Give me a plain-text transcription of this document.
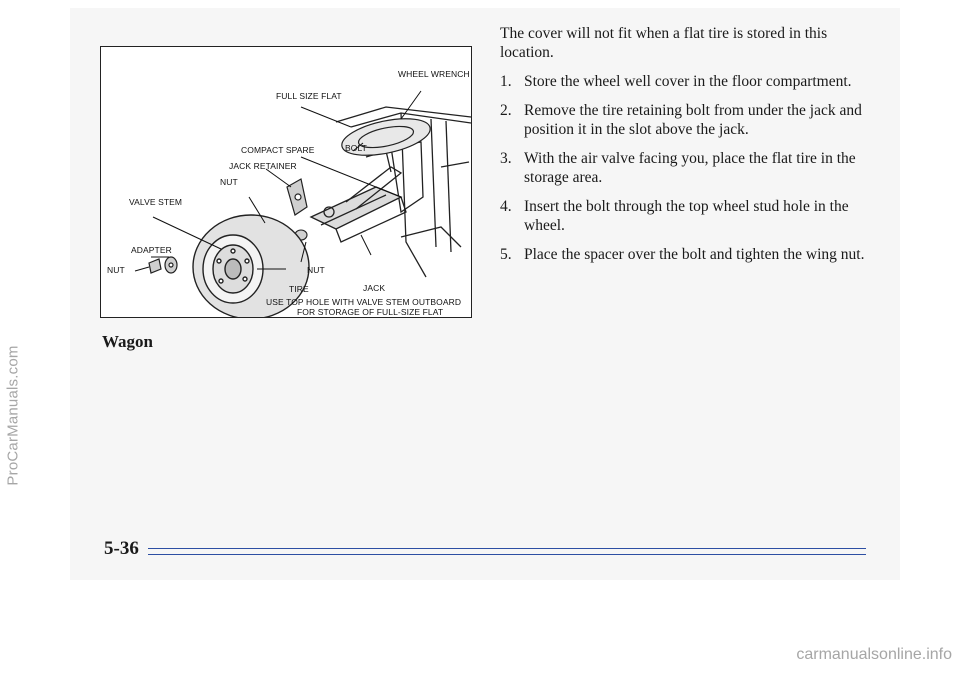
ProCarManuals.com
WHEEL WRENCH
FULL SIZE FLAT
COMPACT SPARE	BOLT
JACK RETAINER
NUT
VALVE STEM
ADAPTER
NUT
NUT
TIRE	JACK
USE TOP HOLE WITH VALVE STEM OUTBOARD
FOR STORAGE OF FULL-SIZE FLAT
Wagon

The cover will not fit when a flat tire is stored in this location.

1. Store the wheel well cover in the floor compartment.
2. Remove the tire retaining bolt from under the jack and position it in the slot above the jack.
3. With the air valve facing you, place the flat tire in the storage area.
4. Insert the bolt through the top wheel stud hole in the wheel.
5. Place the spacer over the bolt and tighten the wing nut.
5-36
carmanualsonline.info
